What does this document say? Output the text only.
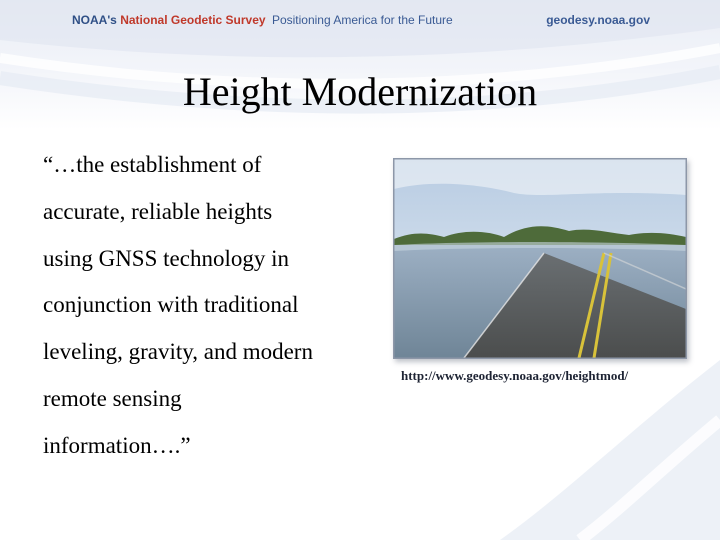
NOAA's National Geodetic Survey Positioning America for the Future	geodesy.noaa.gov
Height Modernization
“…the establishment of
accurate, reliable heights
using GNSS technology in
conjunction with traditional
leveling, gravity, and modern
remote sensing
information….”
http://www.geodesy.noaa.gov/heightmod/
